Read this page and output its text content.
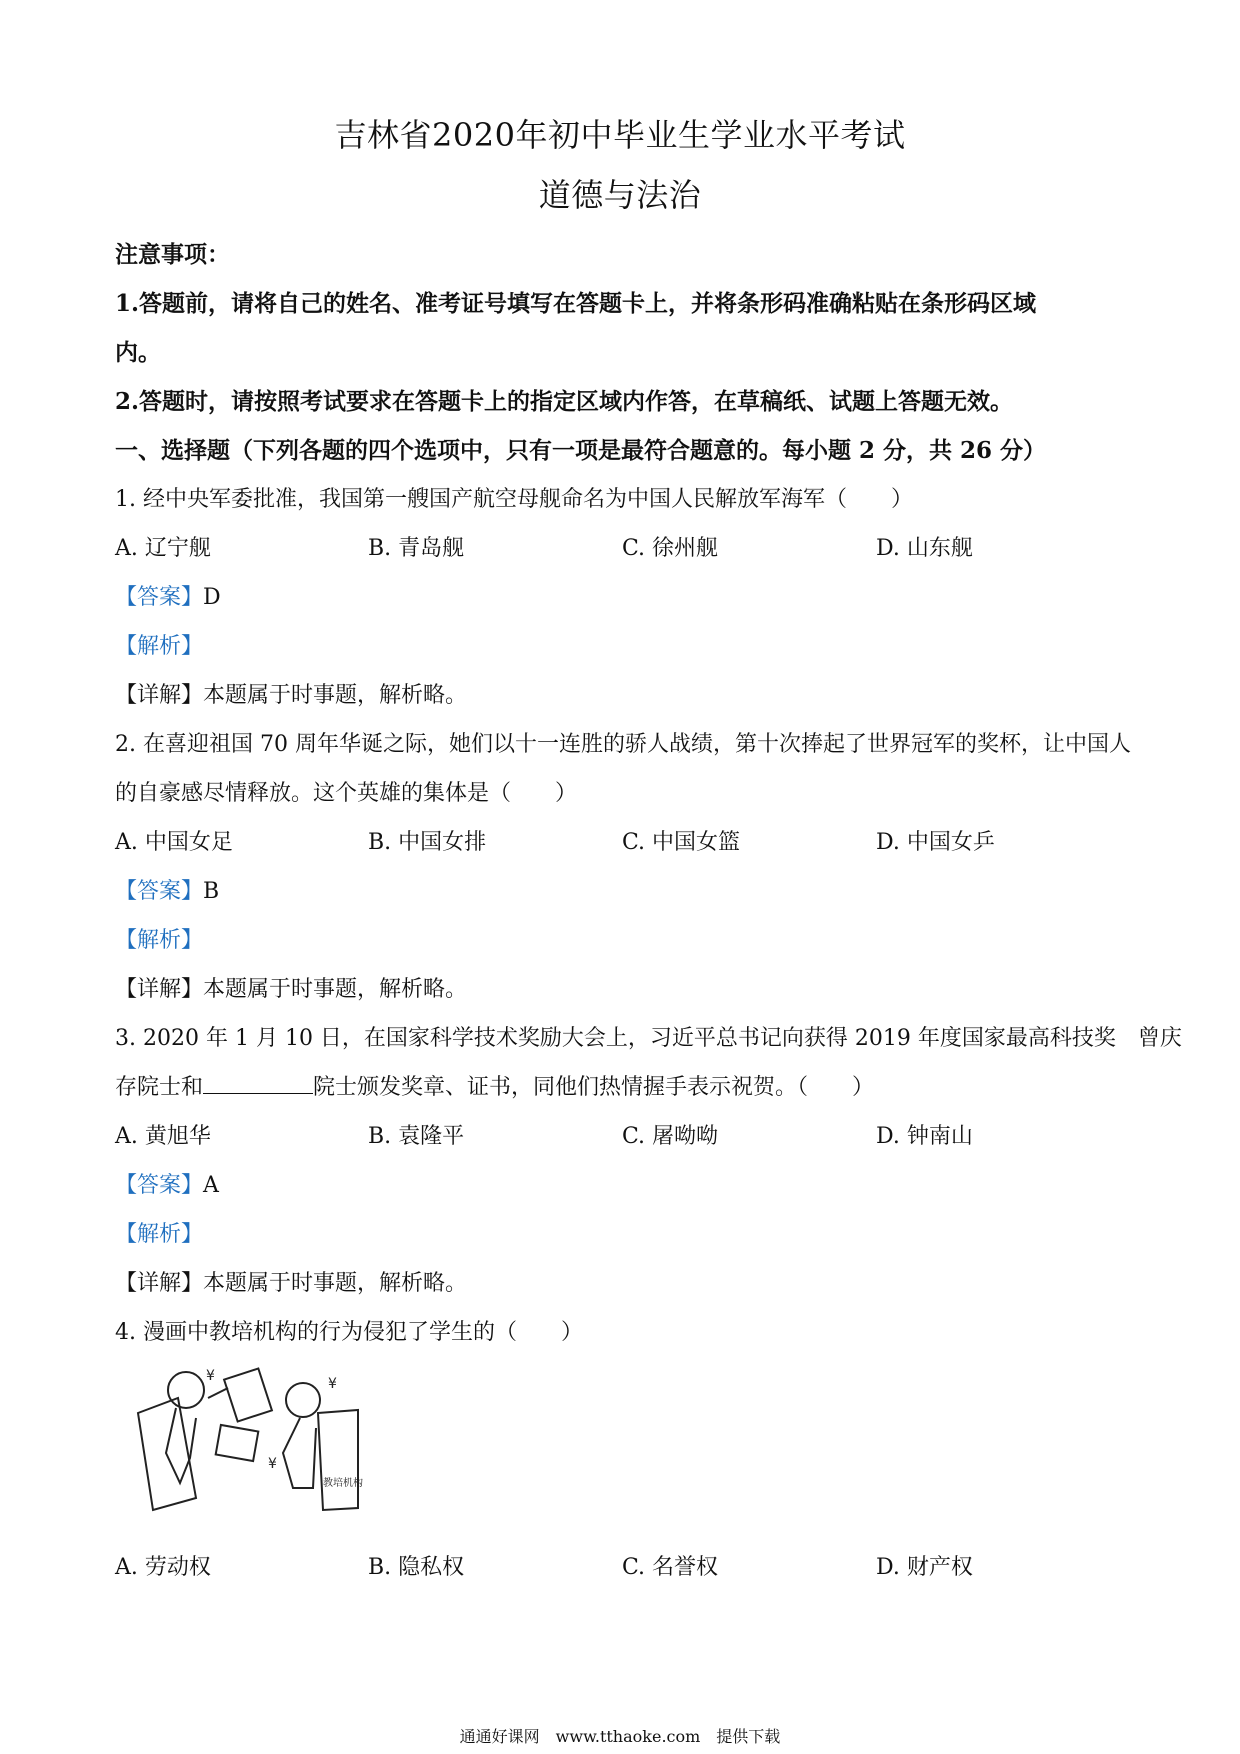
吉林省2020年初中毕业生学业水平考试
道德与法治
注意事项：
1.答题前，请将自己的姓名、准考证号填写在答题卡上，并将条形码准确粘贴在条形码区域
内。
2.答题时，请按照考试要求在答题卡上的指定区域内作答，在草稿纸、试题上答题无效。
一、选择题（下列各题的四个选项中，只有一项是最符合题意的。每小题 2 分，共 26 分）
1. 经中央军委批准，我国第一艘国产航空母舰命名为中国人民解放军海军（　　）
A. 辽宁舰	B. 青岛舰	C. 徐州舰	D. 山东舰
【答案】D
【解析】
【详解】本题属于时事题，解析略。
2. 在喜迎祖国 70 周年华诞之际，她们以十一连胜的骄人战绩，第十次捧起了世界冠军的奖杯，让中国人
的自豪感尽情释放。这个英雄的集体是（　　）
A. 中国女足	B. 中国女排	C. 中国女篮	D. 中国女乒
【答案】B
【解析】
【详解】本题属于时事题，解析略。
3. 2020 年 1 月 10 日，在国家科学技术奖励大会上，习近平总书记向获得 2019 年度国家最高科技奖　曾庆
存院士和	院士颁发奖章、证书，同他们热情握手表示祝贺。（　　）
A. 黄旭华	B. 袁隆平	C. 屠呦呦	D. 钟南山
【答案】A
【解析】
【详解】本题属于时事题，解析略。
4. 漫画中教培机构的行为侵犯了学生的（　　）
¥
¥
¥
教培机构
A. 劳动权	B. 隐私权	C. 名誉权	D. 财产权
通通好课网　www.tthaoke.com　提供下载
